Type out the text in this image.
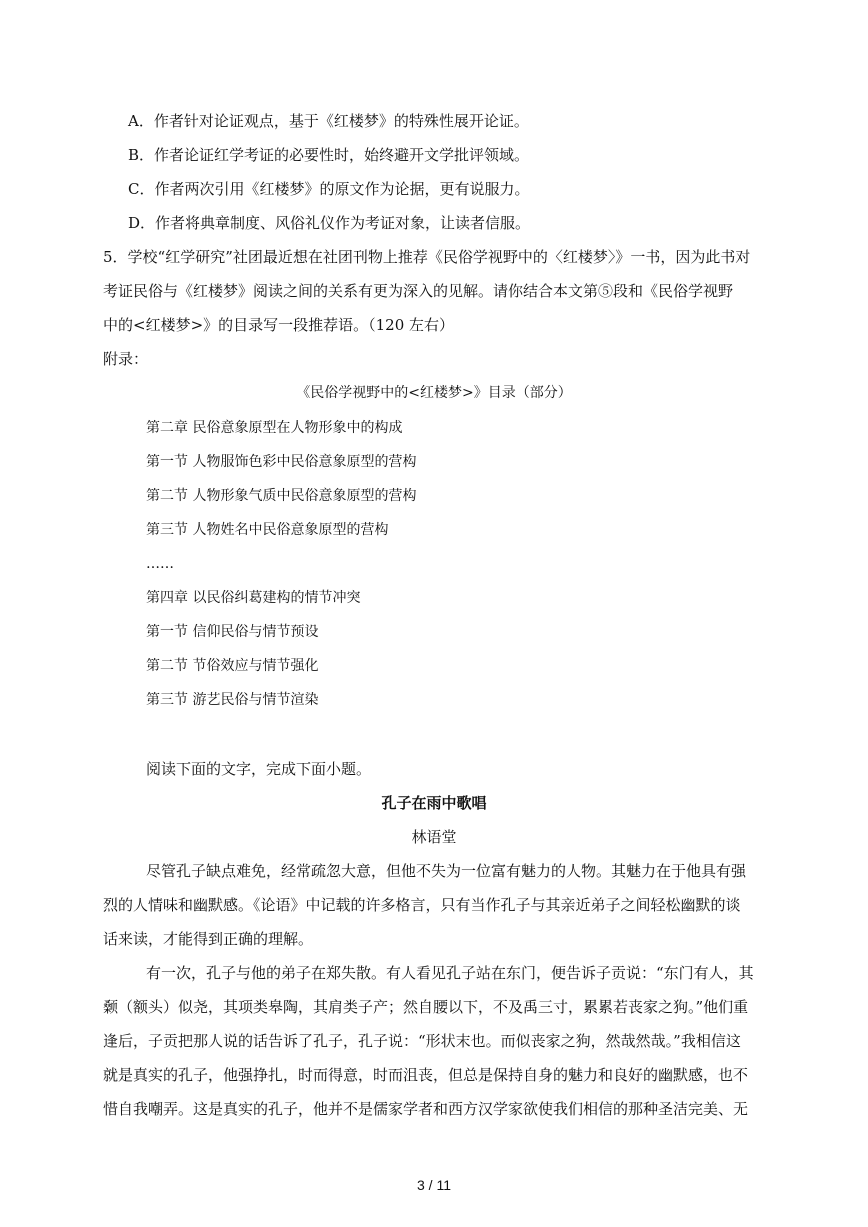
A．作者针对论证观点，基于《红楼梦》的特殊性展开论证。
B．作者论证红学考证的必要性时，始终避开文学批评领域。
C．作者两次引用《红楼梦》的原文作为论据，更有说服力。
D．作者将典章制度、风俗礼仪作为考证对象，让读者信服。
5．学校“红学研究”社团最近想在社团刊物上推荐《民俗学视野中的〈红楼梦〉》一书，因为此书对
考证民俗与《红楼梦》阅读之间的关系有更为深入的见解。请你结合本文第⑤段和《民俗学视野
中的<红楼梦>》的目录写一段推荐语。（120 左右）
附录：
《民俗学视野中的<红楼梦>》目录（部分）
第二章 民俗意象原型在人物形象中的构成
第一节 人物服饰色彩中民俗意象原型的营构
第二节 人物形象气质中民俗意象原型的营构
第三节 人物姓名中民俗意象原型的营构
……
第四章 以民俗纠葛建构的情节冲突
第一节 信仰民俗与情节预设
第二节 节俗效应与情节强化
第三节 游艺民俗与情节渲染
阅读下面的文字，完成下面小题。
孔子在雨中歌唱
林语堂
尽管孔子缺点难免，经常疏忽大意，但他不失为一位富有魅力的人物。其魅力在于他具有强
烈的人情味和幽默感。《论语》中记载的许多格言，只有当作孔子与其亲近弟子之间轻松幽默的谈
话来读，才能得到正确的理解。
有一次，孔子与他的弟子在郑失散。有人看见孔子站在东门，便告诉子贡说：“东门有人，其
颡（额头）似尧，其项类皋陶，其肩类子产；然自腰以下，不及禹三寸，累累若丧家之狗。”他们重
逢后，子贡把那人说的话告诉了孔子，孔子说：“形状末也。而似丧家之狗，然哉然哉。”我相信这
就是真实的孔子，他强挣扎，时而得意，时而沮丧，但总是保持自身的魅力和良好的幽默感，也不
惜自我嘲弄。这是真实的孔子，他并不是儒家学者和西方汉学家欲使我们相信的那种圣洁完美、无
3 / 11
